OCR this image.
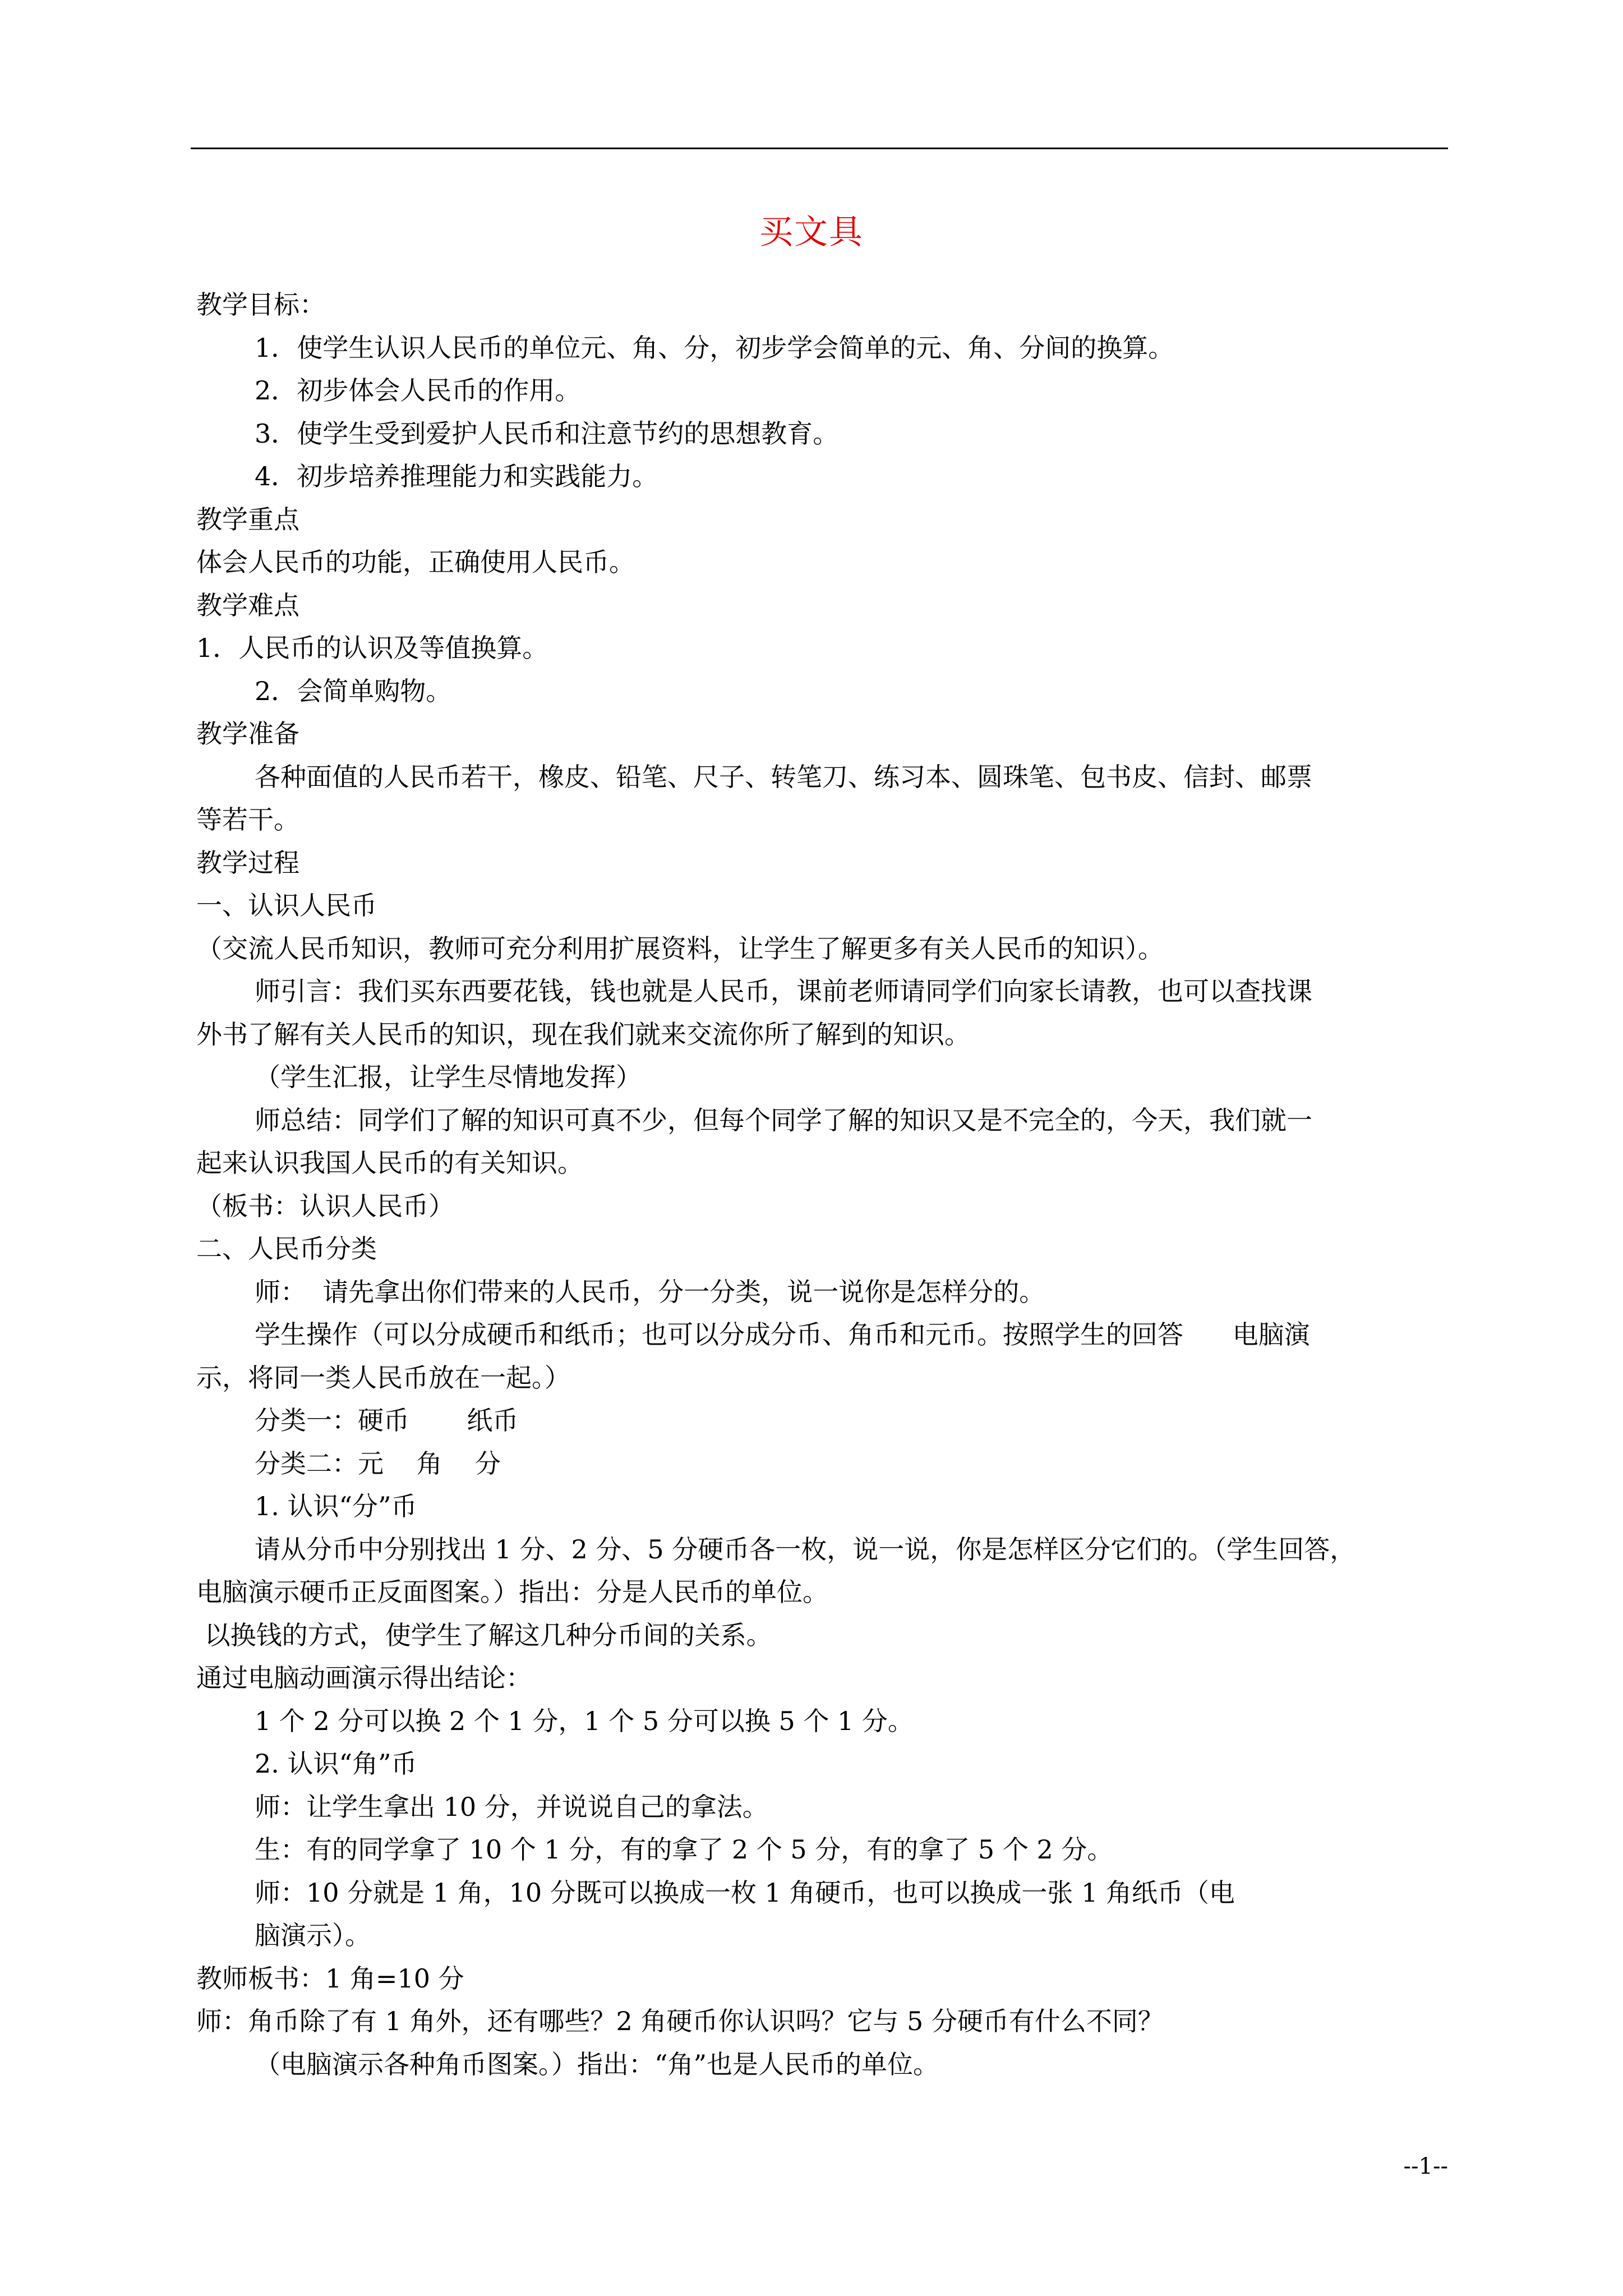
买文具
教学目标：
1．使学生认识人民币的单位元、角、分，初步学会简单的元、角、分间的换算。
2．初步体会人民币的作用。
3．使学生受到爱护人民币和注意节约的思想教育。
4．初步培养推理能力和实践能力。
教学重点
体会人民币的功能，正确使用人民币。
教学难点
1．人民币的认识及等值换算。
2．会简单购物。
教学准备
各种面值的人民币若干，橡皮、铅笔、尺子、转笔刀、练习本、圆珠笔、包书皮、信封、邮票
等若干。
教学过程
一、认识人民币
（交流人民币知识，教师可充分利用扩展资料，让学生了解更多有关人民币的知识）。
师引言：我们买东西要花钱，钱也就是人民币，课前老师请同学们向家长请教，也可以查找课
外书了解有关人民币的知识，现在我们就来交流你所了解到的知识。
（学生汇报，让学生尽情地发挥）
师总结：同学们了解的知识可真不少，但每个同学了解的知识又是不完全的，今天，我们就一
起来认识我国人民币的有关知识。
（板书：认识人民币）
二、人民币分类
师：  请先拿出你们带来的人民币，分一分类，说一说你是怎样分的。
学生操作（可以分成硬币和纸币；也可以分成分币、角币和元币。按照学生的回答      电脑演
示，将同一类人民币放在一起。）
分类一：硬币       纸币
分类二：元    角    分
1. 认识“分”币
请从分币中分别找出 1 分、2 分、5 分硬币各一枚，说一说，你是怎样区分它们的。（学生回答，
电脑演示硬币正反面图案。）指出：分是人民币的单位。
以换钱的方式，使学生了解这几种分币间的关系。
通过电脑动画演示得出结论：
1 个 2 分可以换 2 个 1 分，1 个 5 分可以换 5 个 1 分。
2. 认识“角”币
师：让学生拿出 10 分，并说说自己的拿法。
生：有的同学拿了 10 个 1 分，有的拿了 2 个 5 分，有的拿了 5 个 2 分。
师：10 分就是 1 角，10 分既可以换成一枚 1 角硬币，也可以换成一张 1 角纸币（电
脑演示）。
教师板书：1 角=10 分
师：角币除了有 1 角外，还有哪些？2 角硬币你认识吗？它与 5 分硬币有什么不同？
（电脑演示各种角币图案。）指出：“角”也是人民币的单位。
--1--
